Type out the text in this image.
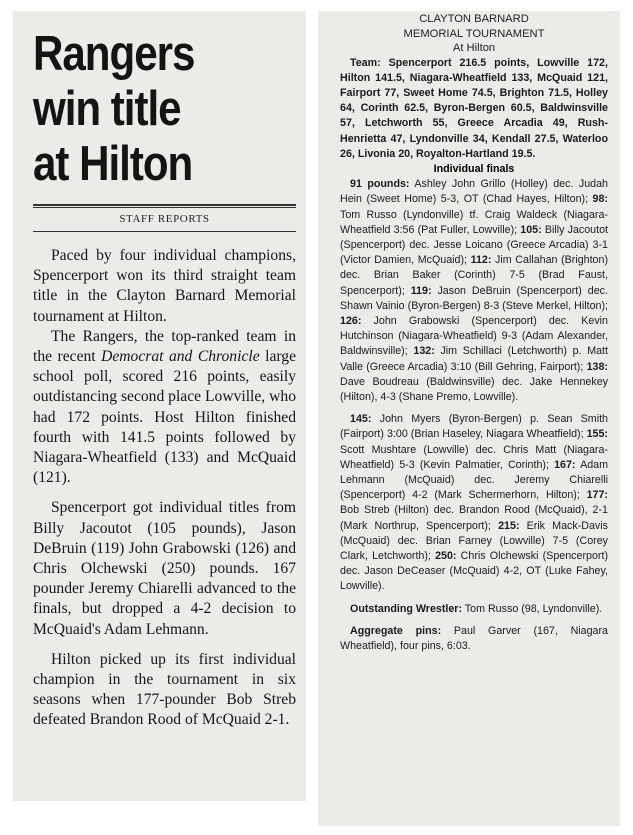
Rangers
win title
at Hilton
STAFF REPORTS

Paced by four individual champions, Spencerport won its third straight team title in the Clayton Barnard Memorial tournament at Hilton.

The Rangers, the top-ranked team in the recent Democrat and Chronicle large school poll, scored 216 points, easily outdistancing second place Lowville, who had 172 points. Host Hilton finished fourth with 141.5 points followed by Niagara-Wheatfield (133) and McQuaid (121).

Spencerport got individual titles from Billy Jacoutot (105 pounds), Jason DeBruin (119) John Grabowski (126) and Chris Olchewski (250) pounds. 167 pounder Jeremy Chiarelli advanced to the finals, but dropped a 4-2 decision to McQuaid's Adam Lehmann.

Hilton picked up its first individual champion in the tournament in six seasons when 177-pounder Bob Streb defeated Brandon Rood of McQuaid 2-1.

CLAYTON BARNARD
MEMORIAL TOURNAMENT
At Hilton

Team: Spencerport 216.5 points, Lowville 172, Hilton 141.5, Niagara-Wheatfield 133, McQuaid 121, Fairport 77, Sweet Home 74.5, Brighton 71.5, Holley 64, Corinth 62.5, Byron-Bergen 60.5, Baldwinsville 57, Letchworth 55, Greece Arcadia 49, Rush-Henrietta 47, Lyndonville 34, Kendall 27.5, Waterloo 26, Livonia 20, Royalton-Hartland 19.5.

Individual finals

91 pounds: Ashley John Grillo (Holley) dec. Judah Hein (Sweet Home) 5-3, OT (Chad Hayes, Hilton); 98: Tom Russo (Lyndonville) tf. Craig Waldeck (Niagara-Wheatfield 3:56 (Pat Fuller, Lowville); 105: Billy Jacoutot (Spencerport) dec. Jesse Loicano (Greece Arcadia) 3-1 (Victor Damien, McQuaid); 112: Jim Callahan (Brighton) dec. Brian Baker (Corinth) 7-5 (Brad Faust, Spencerport); 119: Jason DeBruin (Spencerport) dec. Shawn Vainio (Byron-Bergen) 8-3 (Steve Merkel, Hilton); 126: John Grabowski (Spencerport) dec. Kevin Hutchinson (Niagara-Wheatfield) 9-3 (Adam Alexander, Baldwinsville); 132: Jim Schillaci (Letchworth) p. Matt Valle (Greece Arcadia) 3:10 (Bill Gehring, Fairport); 138: Dave Boudreau (Baldwinsville) dec. Jake Hennekey (Hilton), 4-3 (Shane Premo, Lowville).

145: John Myers (Byron-Bergen) p. Sean Smith (Fairport) 3:00 (Brian Haseley, Niagara Wheatfield); 155: Scott Mushtare (Lowville) dec. Chris Matt (Niagara-Wheatfield) 5-3 (Kevin Palmatier, Corinth); 167: Adam Lehmann (McQuaid) dec. Jeremy Chiarelli (Spencerport) 4-2 (Mark Schermerhorn, Hilton); 177: Bob Streb (Hilton) dec. Brandon Rood (McQuaid), 2-1 (Mark Northrup, Spencerport); 215: Erik Mack-Davis (McQuaid) dec. Brian Farney (Lowville) 7-5 (Corey Clark, Letchworth); 250: Chris Olchewski (Spencerport) dec. Jason DeCeaser (McQuaid) 4-2, OT (Luke Fahey, Lowville).

Outstanding Wrestler: Tom Russo (98, Lyndonville).

Aggregate pins: Paul Garver (167, Niagara Wheatfield), four pins, 6:03.
